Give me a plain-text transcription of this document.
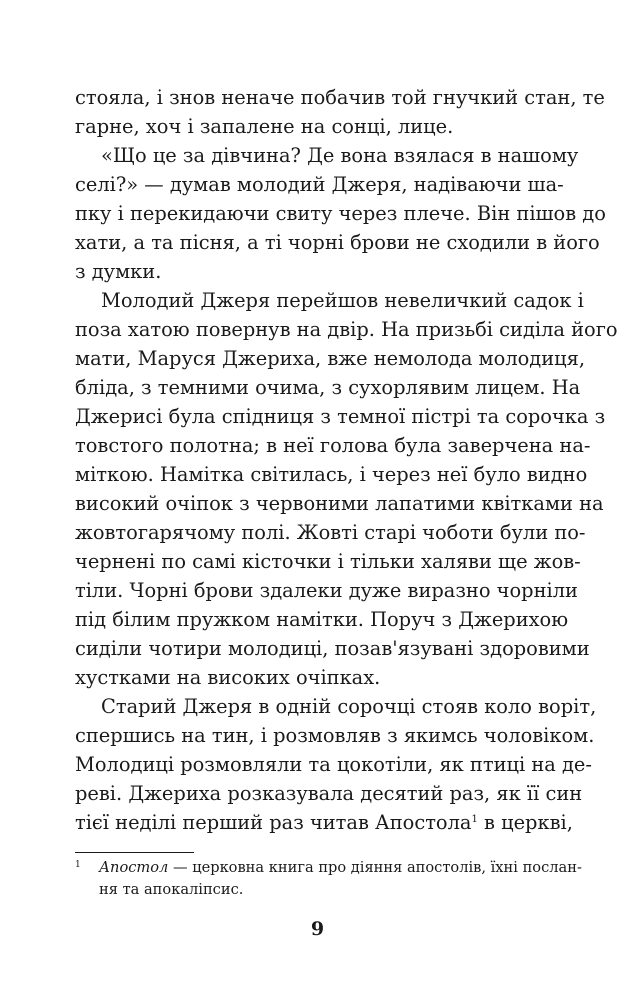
стояла, і знов неначе побачив той гнучкий стан, те
гарне, хоч і запалене на сонці, лице.
«Що це за дівчина? Де вона взялася в нашому
селі?» — думав молодий Джеря, надіваючи ша-
пку і перекидаючи свиту через плече. Він пішов до
хати, а та пісня, а ті чорні брови не сходили в його
з думки.
Молодий Джеря перейшов невеличкий садок і
поза хатою повернув на двір. На призьбі сиділа його
мати, Маруся Джериха, вже немолода молодиця,
бліда, з темними очима, з сухорлявим лицем. На
Джерисі була спідниця з темної пістрі та сорочка з
товстого полотна; в неї голова була заверчена на-
міткою. Намітка світилась, і через неї було видно
високий очіпок з червоними лапатими квітками на
жовтогарячому полі. Жовті старі чоботи були по-
чернені по самі кісточки і тільки халяви ще жов-
тіли. Чорні брови здалеки дуже виразно чорніли
під білим пружком намітки. Поруч з Джерихою
сиділи чотири молодиці, позав'язувані здоровими
хустками на високих очіпках.
Старий Джеря в одній сорочці стояв коло воріт,
спершись на тин, і розмовляв з якимсь чоловіком.
Молодиці розмовляли та цокотіли, як птиці на де-
реві. Джериха розказувала десятий раз, як її син
тієї неділі перший раз читав Апостола$^1$ в церкві,
1 Апостол — церковна книга про діяння апостолів, їхні послан-
ня та апокаліпсис.
9
